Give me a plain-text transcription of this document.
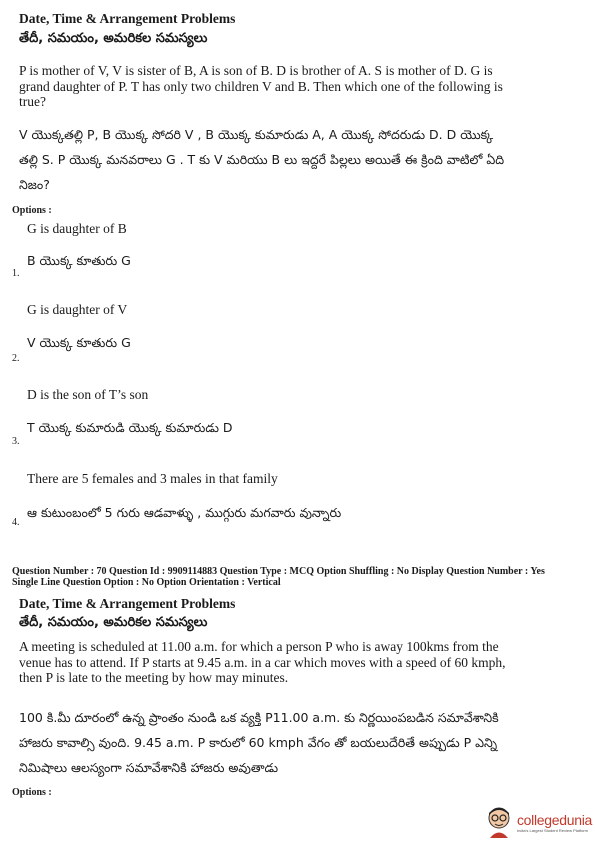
Date, Time & Arrangement Problems
తేదీ, సమయం, అమరికల సమస్యలు
P is mother of V, V is sister of B, A is son of B. D is brother of A. S is mother of D. G is
grand daughter of P. T has only two children V and B. Then which one of the following is
true?
V యొక్కతల్లి P, B యొక్క సోదరి V , B యొక్క కుమారుడు A, A యొక్క సోదరుడు D. D యొక్క
తల్లి S. P యొక్క మనవరాలు G . T కు V మరియు B లు ఇద్దరే పిల్లలు అయితే ఈ క్రింది వాటిలో ఏది
నిజం?
Options :
G is daughter of B
B యొక్క కూతురు G
1.
G is daughter of V
V యొక్క కూతురు G
2.
D is the son of T’s son
T యొక్క కుమారుడి యొక్క కుమారుడు D
3.
There are 5 females and 3 males in that family
ఆ కుటుంబంలో 5 గురు ఆడవాళ్ళు , ముగ్గురు మగవారు వున్నారు
4.
Question Number : 70 Question Id : 9909114883 Question Type : MCQ Option Shuffling : No Display Question Number : Yes
Single Line Question Option : No Option Orientation : Vertical
Date, Time & Arrangement Problems
తేదీ, సమయం, అమరికల సమస్యలు
A meeting is scheduled at 11.00 a.m. for which a person P who is away 100kms from the
venue has to attend. If P starts at 9.45 a.m. in a car which moves with a speed of 60 kmph,
then P is late to the meeting by how may minutes.
100 కి.మీ దూరంలో ఉన్న ప్రాంతం నుండి ఒక వ్యక్తి P11.00 a.m. కు నిర్ణయింపబడిన సమావేశానికి
హాజరు కావాల్సి వుంది. 9.45 a.m. P కారులో 60 kmph వేగం తో బయలుదేరితే అప్పుడు P ఎన్ని
నిమిషాలు ఆలస్యంగా సమావేశానికి హాజరు అవుతాడు
Options :
collegedunia
India's Largest Student Review Platform
